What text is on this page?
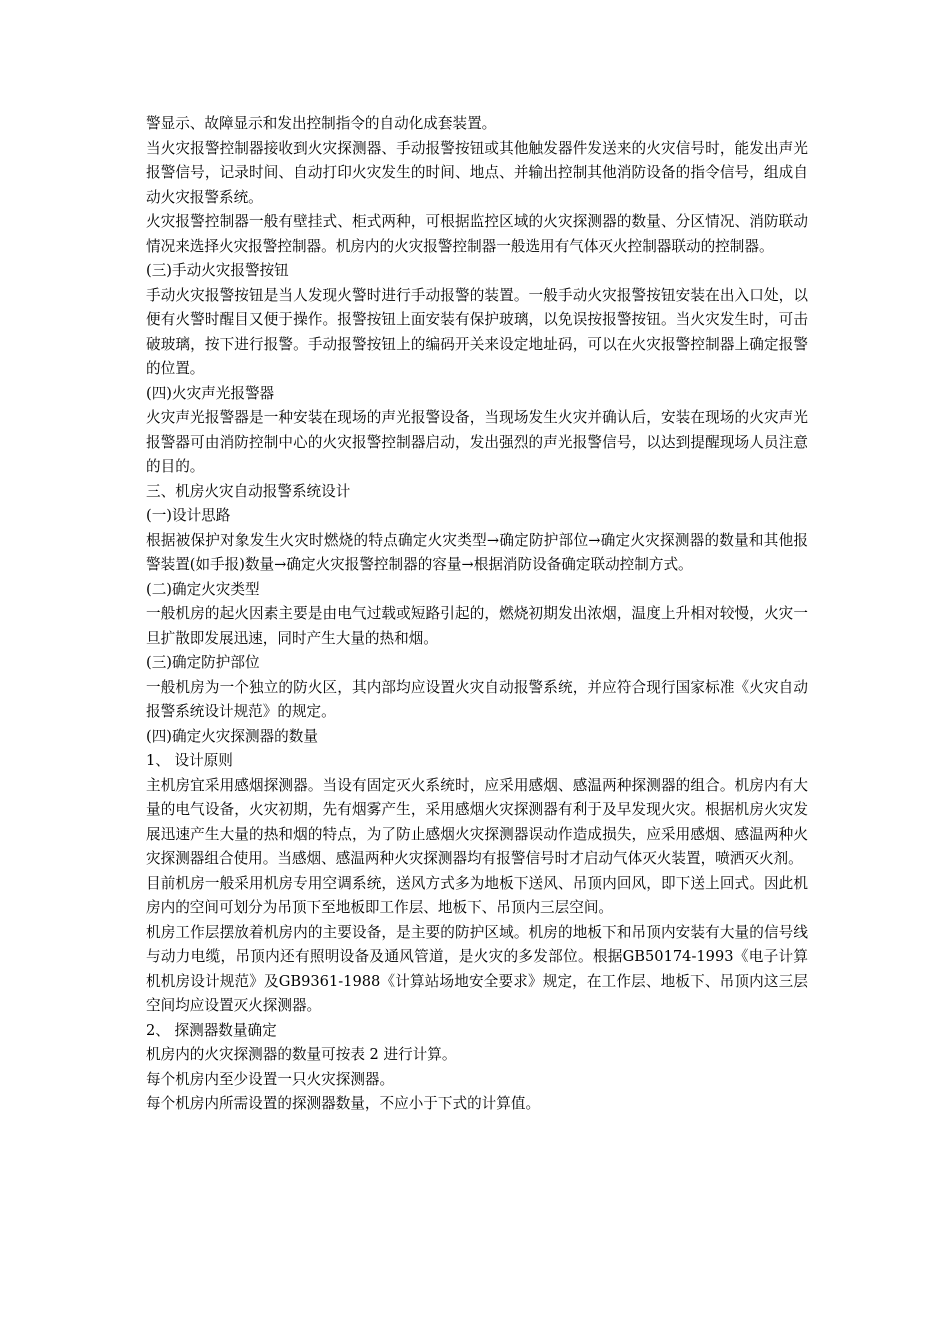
警显示、故障显示和发出控制指令的自动化成套装置。

当火灾报警控制器接收到火灾探测器、手动报警按钮或其他触发器件发送来的火灾信号时，能发出声光报警信号，记录时间、自动打印火灾发生的时间、地点、并输出控制其他消防设备的指令信号，组成自动火灾报警系统。

火灾报警控制器一般有壁挂式、柜式两种，可根据监控区域的火灾探测器的数量、分区情况、消防联动情况来选择火灾报警控制器。机房内的火灾报警控制器一般选用有气体灭火控制器联动的控制器。

(三)手动火灾报警按钮

手动火灾报警按钮是当人发现火警时进行手动报警的装置。一般手动火灾报警按钮安装在出入口处，以便有火警时醒目又便于操作。报警按钮上面安装有保护玻璃，以免误按报警按钮。当火灾发生时，可击破玻璃，按下进行报警。手动报警按钮上的编码开关来设定地址码，可以在火灾报警控制器上确定报警的位置。

(四)火灾声光报警器

火灾声光报警器是一种安装在现场的声光报警设备，当现场发生火灾并确认后，安装在现场的火灾声光报警器可由消防控制中心的火灾报警控制器启动，发出强烈的声光报警信号，以达到提醒现场人员注意的目的。

三、机房火灾自动报警系统设计

(一)设计思路

根据被保护对象发生火灾时燃烧的特点确定火灾类型→确定防护部位→确定火灾探测器的数量和其他报警装置(如手报)数量→确定火灾报警控制器的容量→根据消防设备确定联动控制方式。

(二)确定火灾类型

一般机房的起火因素主要是由电气过载或短路引起的，燃烧初期发出浓烟，温度上升相对较慢，火灾一旦扩散即发展迅速，同时产生大量的热和烟。

(三)确定防护部位

一般机房为一个独立的防火区，其内部均应设置火灾自动报警系统，并应符合现行国家标准《火灾自动报警系统设计规范》的规定。

(四)确定火灾探测器的数量

1、 设计原则

主机房宜采用感烟探测器。当设有固定灭火系统时，应采用感烟、感温两种探测器的组合。机房内有大量的电气设备，火灾初期，先有烟雾产生，采用感烟火灾探测器有利于及早发现火灾。根据机房火灾发展迅速产生大量的热和烟的特点，为了防止感烟火灾探测器误动作造成损失，应采用感烟、感温两种火灾探测器组合使用。当感烟、感温两种火灾探测器均有报警信号时才启动气体灭火装置，喷洒灭火剂。

目前机房一般采用机房专用空调系统，送风方式多为地板下送风、吊顶内回风，即下送上回式。因此机房内的空间可划分为吊顶下至地板即工作层、地板下、吊顶内三层空间。

机房工作层摆放着机房内的主要设备，是主要的防护区域。机房的地板下和吊顶内安装有大量的信号线与动力电缆，吊顶内还有照明设备及通风管道，是火灾的多发部位。根据GB50174-1993《电子计算机机房设计规范》及GB9361-1988《计算站场地安全要求》规定，在工作层、地板下、吊顶内这三层空间均应设置灭火探测器。

2、 探测器数量确定

机房内的火灾探测器的数量可按表 2 进行计算。

每个机房内至少设置一只火灾探测器。

每个机房内所需设置的探测器数量，不应小于下式的计算值。
